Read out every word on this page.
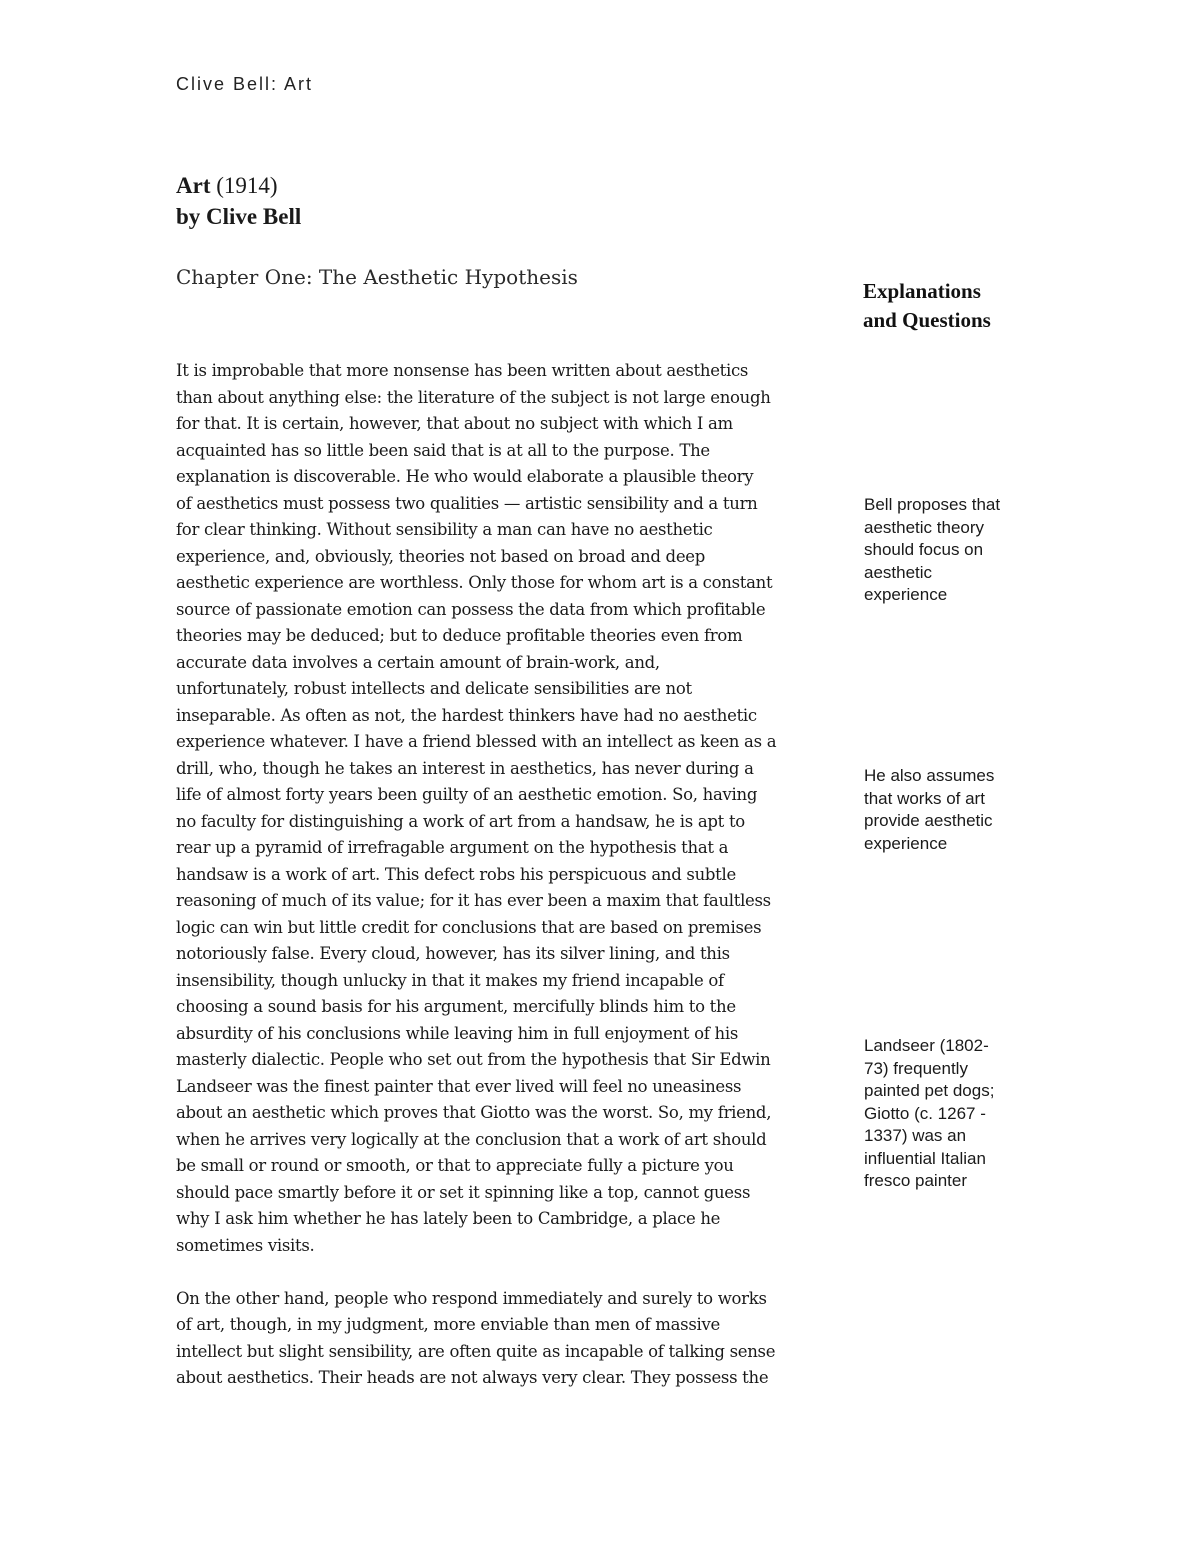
Clive Bell: Art
Art (1914)
by Clive Bell
Chapter One: The Aesthetic Hypothesis
Explanations
and Questions

It is improbable that more nonsense has been written about aesthetics
than about anything else: the literature of the subject is not large enough
for that. It is certain, however, that about no subject with which I am
acquainted has so little been said that is at all to the purpose. The
explanation is discoverable. He who would elaborate a plausible theory
of aesthetics must possess two qualities — artistic sensibility and a turn
for clear thinking. Without sensibility a man can have no aesthetic
experience, and, obviously, theories not based on broad and deep
aesthetic experience are worthless. Only those for whom art is a constant
source of passionate emotion can possess the data from which profitable
theories may be deduced; but to deduce profitable theories even from
accurate data involves a certain amount of brain-work, and,
unfortunately, robust intellects and delicate sensibilities are not
inseparable. As often as not, the hardest thinkers have had no aesthetic
experience whatever. I have a friend blessed with an intellect as keen as a
drill, who, though he takes an interest in aesthetics, has never during a
life of almost forty years been guilty of an aesthetic emotion. So, having
no faculty for distinguishing a work of art from a handsaw, he is apt to
rear up a pyramid of irrefragable argument on the hypothesis that a
handsaw is a work of art. This defect robs his perspicuous and subtle
reasoning of much of its value; for it has ever been a maxim that faultless
logic can win but little credit for conclusions that are based on premises
notoriously false. Every cloud, however, has its silver lining, and this
insensibility, though unlucky in that it makes my friend incapable of
choosing a sound basis for his argument, mercifully blinds him to the
absurdity of his conclusions while leaving him in full enjoyment of his
masterly dialectic. People who set out from the hypothesis that Sir Edwin
Landseer was the finest painter that ever lived will feel no uneasiness
about an aesthetic which proves that Giotto was the worst. So, my friend,
when he arrives very logically at the conclusion that a work of art should
be small or round or smooth, or that to appreciate fully a picture you
should pace smartly before it or set it spinning like a top, cannot guess
why I ask him whether he has lately been to Cambridge, a place he
sometimes visits.

On the other hand, people who respond immediately and surely to works
of art, though, in my judgment, more enviable than men of massive
intellect but slight sensibility, are often quite as incapable of talking sense
about aesthetics. Their heads are not always very clear. They possess the

Bell proposes that
aesthetic theory
should focus on
aesthetic
experience
He also assumes
that works of art
provide aesthetic
experience
Landseer (1802-
73) frequently
painted pet dogs;
Giotto (c. 1267 -
1337) was an
influential Italian
fresco painter
